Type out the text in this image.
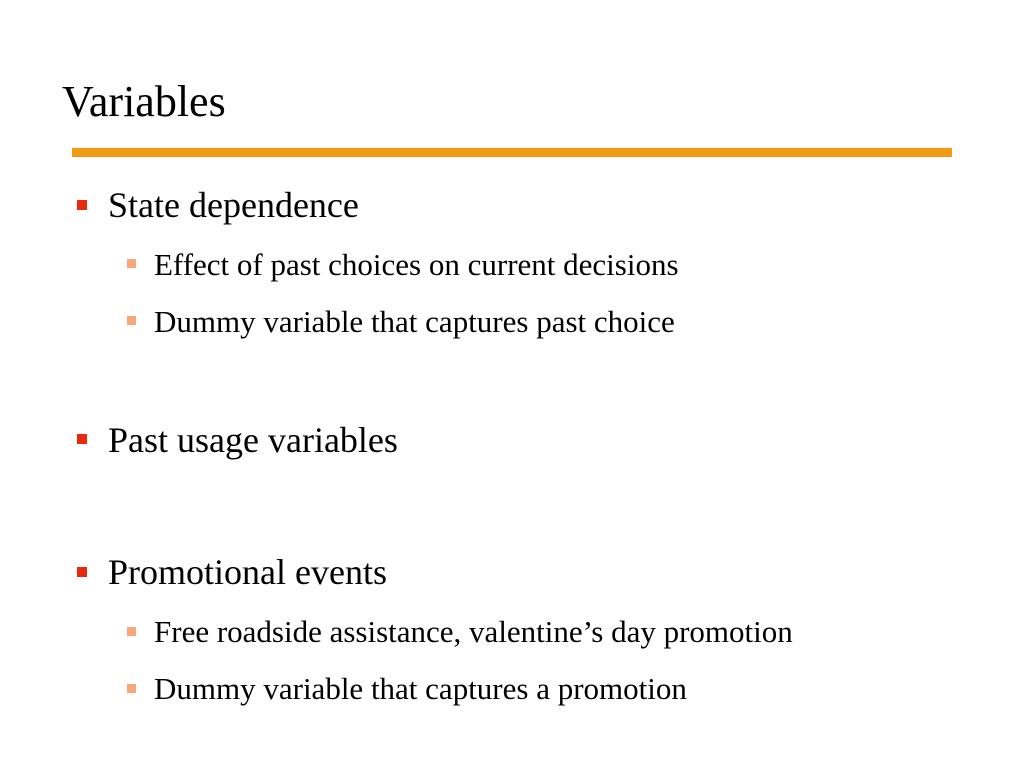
Variables
State dependence
Effect of past choices on current decisions
Dummy variable that captures past choice
Past usage variables
Promotional events
Free roadside assistance, valentine’s day promotion
Dummy variable that captures a promotion
